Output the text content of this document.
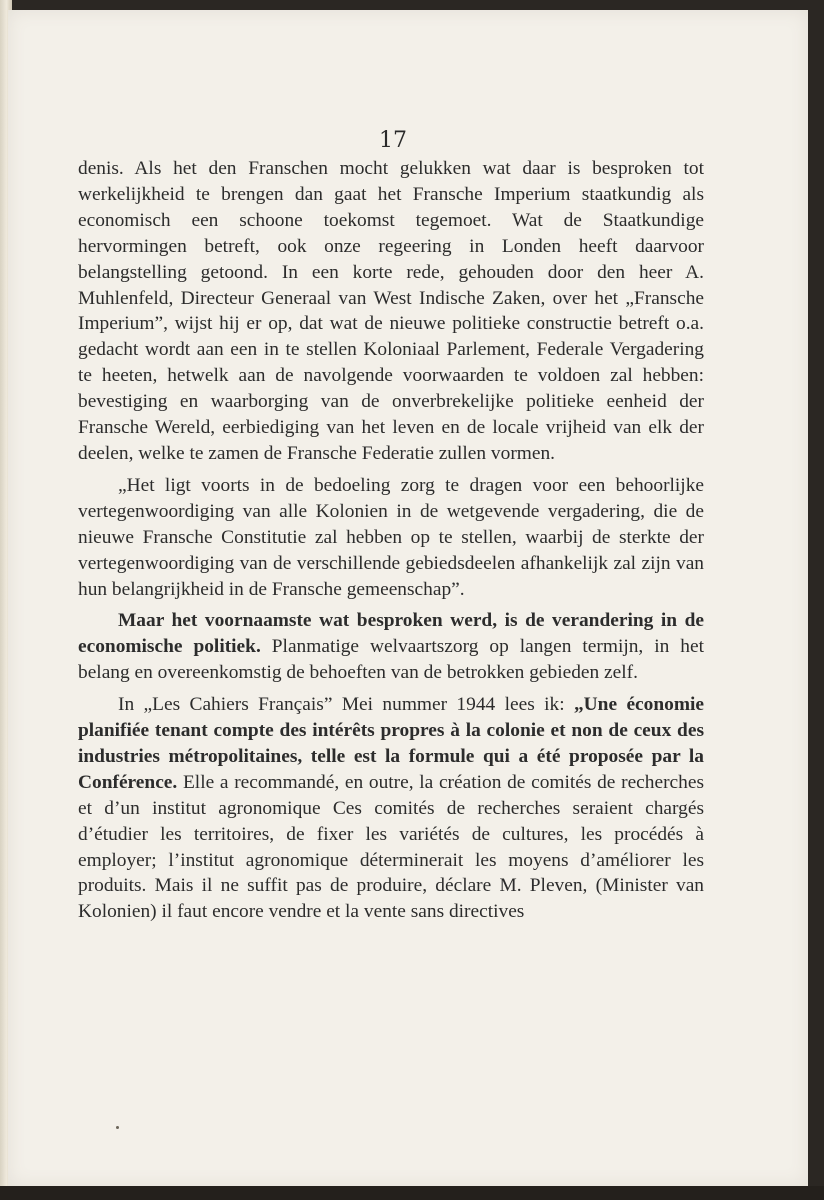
17

denis. Als het den Franschen mocht gelukken wat daar is besproken tot werkelijkheid te brengen dan gaat het Fransche Imperium staatkundig als economisch een schoone toekomst tegemoet. Wat de Staatkundige hervormingen betreft, ook onze regeering in Londen heeft daarvoor belangstelling getoond. In een korte rede, gehouden door den heer A. Muhlenfeld, Directeur Generaal van West Indische Zaken, over het „Fransche Imperium”, wijst hij er op, dat wat de nieuwe politieke constructie betreft o.a. gedacht wordt aan een in te stellen Koloniaal Parlement, Federale Vergadering te heeten, hetwelk aan de navolgende voorwaarden te voldoen zal hebben: bevestiging en waarborging van de onverbrekelijke politieke eenheid der Fransche Wereld, eerbiediging van het leven en de locale vrijheid van elk der deelen, welke te zamen de Fransche Federatie zullen vormen.

„Het ligt voorts in de bedoeling zorg te dragen voor een behoorlijke vertegenwoordiging van alle Kolonien in de wetgevende vergadering, die de nieuwe Fransche Constitutie zal hebben op te stellen, waarbij de sterkte der vertegenwoordiging van de verschillende gebiedsdeelen afhankelijk zal zijn van hun belangrijkheid in de Fransche gemeenschap”.

Maar het voornaamste wat besproken werd, is de verandering in de economische politiek. Planmatige welvaartszorg op langen termijn, in het belang en overeenkomstig de behoeften van de betrokken gebieden zelf.

In „Les Cahiers Français” Mei nummer 1944 lees ik: „Une économie planifiée tenant compte des intérêts propres à la colonie et non de ceux des industries métropolitaines, telle est la formule qui a été proposée par la Conférence. Elle a recommandé, en outre, la création de comités de recherches et d’un institut agronomique Ces comités de recherches seraient chargés d’étudier les territoires, de fixer les variétés de cultures, les procédés à employer; l’institut agronomique déterminerait les moyens d’améliorer les produits. Mais il ne suffit pas de produire, déclare M. Pleven, (Minister van Kolonien) il faut encore vendre et la vente sans directives
